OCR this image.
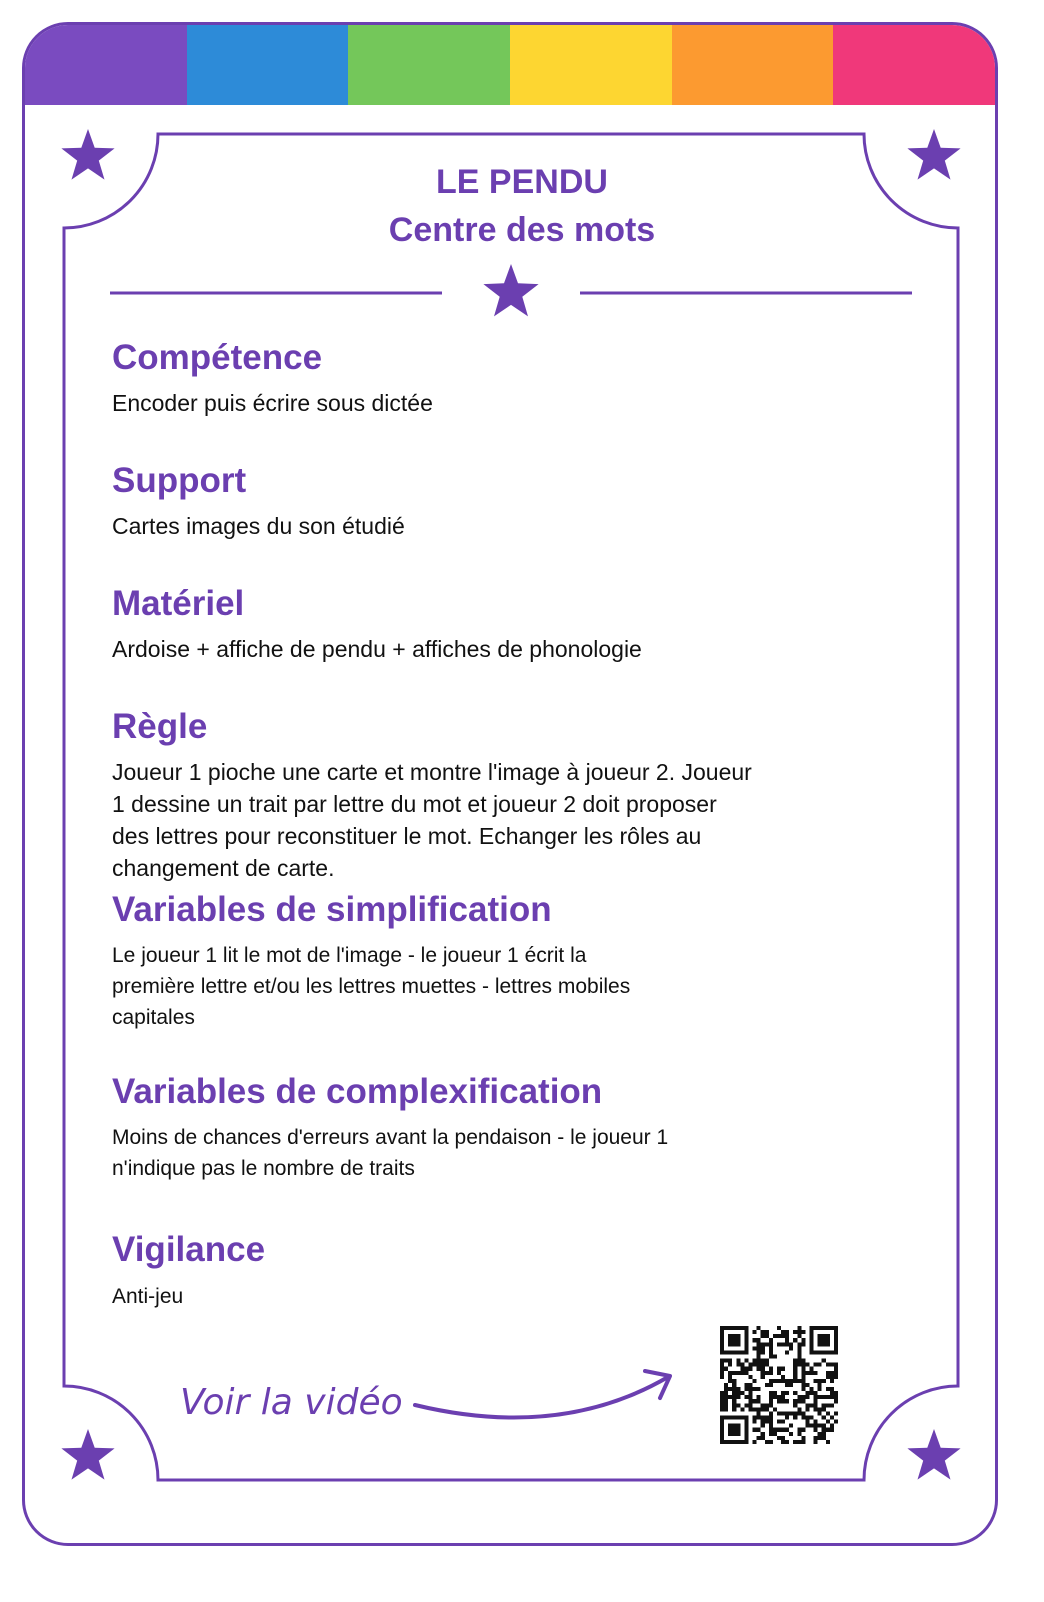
LE PENDU
Centre des mots
Compétence

Encoder puis écrire sous dictée

Support

Cartes images du son étudié

Matériel

Ardoise + affiche de pendu + affiches de phonologie

Règle

Joueur 1 pioche une carte et montre l'image à joueur 2. Joueur

1 dessine un trait par lettre du mot et joueur 2 doit proposer

des lettres pour reconstituer le mot. Echanger les rôles au

changement de carte.

Variables de simplification

Le joueur 1 lit le mot de l'image - le joueur 1 écrit la

première lettre et/ou les lettres muettes - lettres mobiles

capitales

Variables de complexification

Moins de chances d'erreurs avant la pendaison - le joueur 1

n'indique pas le nombre de traits

Vigilance

Anti-jeu

Voir la vidéo
